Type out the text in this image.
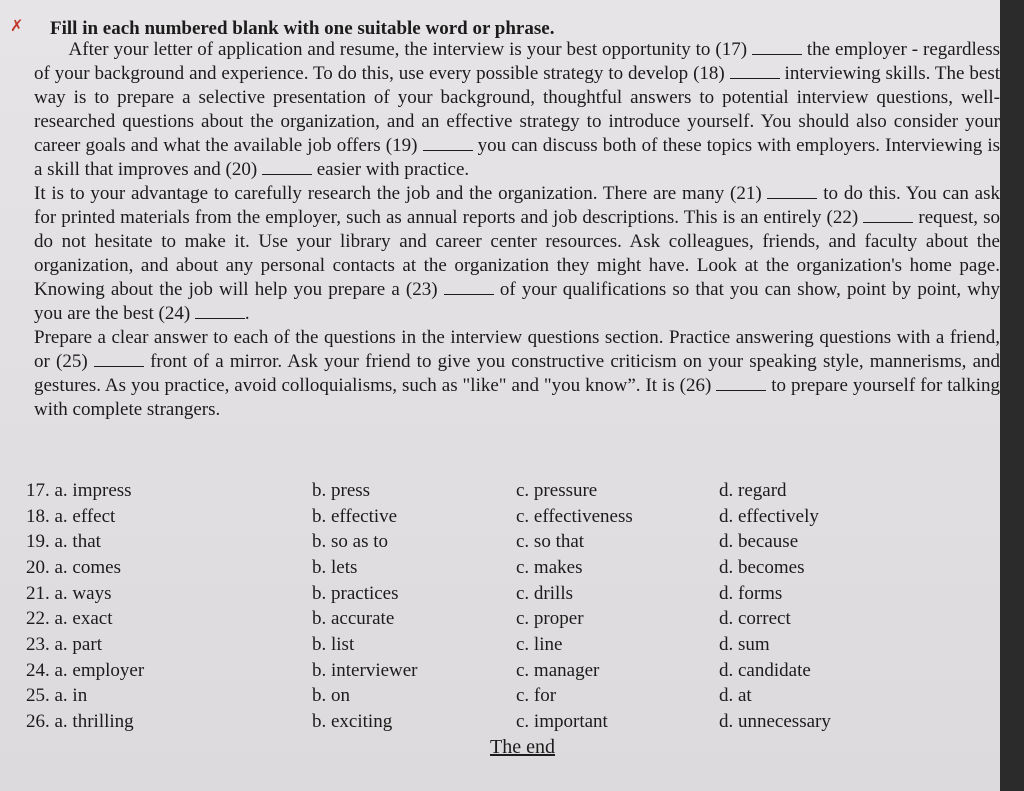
✗ Fill in each numbered blank with one suitable word or phrase.

After your letter of application and resume, the interview is your best opportunity to (17)	the employer - regardless of your background and experience. To do this, use every possible strategy to develop (18)	interviewing skills. The best way is to prepare a selective presentation of your background, thoughtful answers to potential interview questions, well-researched questions about the organization, and an effective strategy to introduce yourself. You should also consider your career goals and what the available job offers (19)	you can discuss both of these topics with employers. Interviewing is a skill that improves and (20)	easier with practice.

It is to your advantage to carefully research the job and the organization. There are many (21)	to do this. You can ask for printed materials from the employer, such as annual reports and job descriptions. This is an entirely (22)	request, so do not hesitate to make it. Use your library and career center resources. Ask colleagues, friends, and faculty about the organization, and about any personal contacts at the organization they might have. Look at the organization's home page. Knowing about the job will help you prepare a (23)	of your qualifications so that you can show, point by point, why you are the best (24)	.

Prepare a clear answer to each of the questions in the interview questions section. Practice answering questions with a friend, or (25)	front of a mirror. Ask your friend to give you constructive criticism on your speaking style, mannerisms, and gestures. As you practice, avoid colloquialisms, such as "like" and "you know”. It is (26)	to prepare yourself for talking with complete strangers.

17. a. impress	b. press	c. pressure	d. regard
18. a. effect	b. effective	c. effectiveness	d. effectively
19. a. that	b. so as to	c. so that	d. because
20. a. comes	b. lets	c. makes	d. becomes
21. a. ways	b. practices	c. drills	d. forms
22. a. exact	b. accurate	c. proper	d. correct
23. a. part	b. list	c. line	d. sum
24. a. employer	b. interviewer	c. manager	d. candidate
25. a. in	b. on	c. for	d. at
26. a. thrilling	b. exciting	c. important	d. unnecessary
The end
